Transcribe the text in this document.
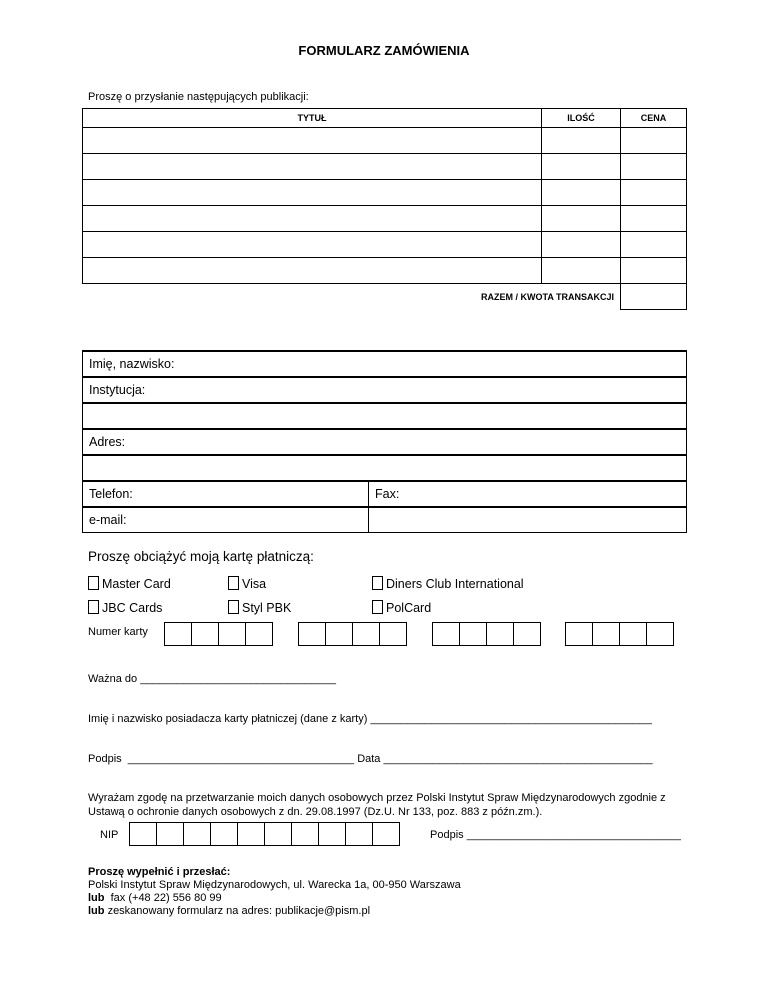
FORMULARZ ZAMÓWIENIA
Proszę o przysłanie następujących publikacji:
TYTUŁ	ILOŚĆ	CENA

RAZEM / KWOTA TRANSAKCJI		
Imię, nazwisko:	
Instytucja:	

Adres:	

Telefon:	Fax:
e-mail:	
Proszę obciążyć moją kartę płatniczą:
Master Card	Visa	Diners Club International
JBC Cards	Styl PBK	PolCard
Numer karty
Ważna do ________________________________
Imię i nazwisko posiadacza karty płatniczej (dane z karty) ______________________________________________
Podpis _____________________________________ Data ____________________________________________
Wyrażam zgodę na przetwarzanie moich danych osobowych przez Polski Instytut Spraw Międzynarodowych zgodnie z Ustawą o ochronie danych osobowych z dn. 29.08.1997 (Dz.U. Nr 133, poz. 883 z późn.zm.).
NIP	Podpis ___________________________________
Proszę wypełnić i przesłać:
Polski Instytut Spraw Międzynarodowych, ul. Warecka 1a, 00-950 Warszawa
lub fax (+48 22) 556 80 99
lub zeskanowany formularz na adres: publikacje@pism.pl
